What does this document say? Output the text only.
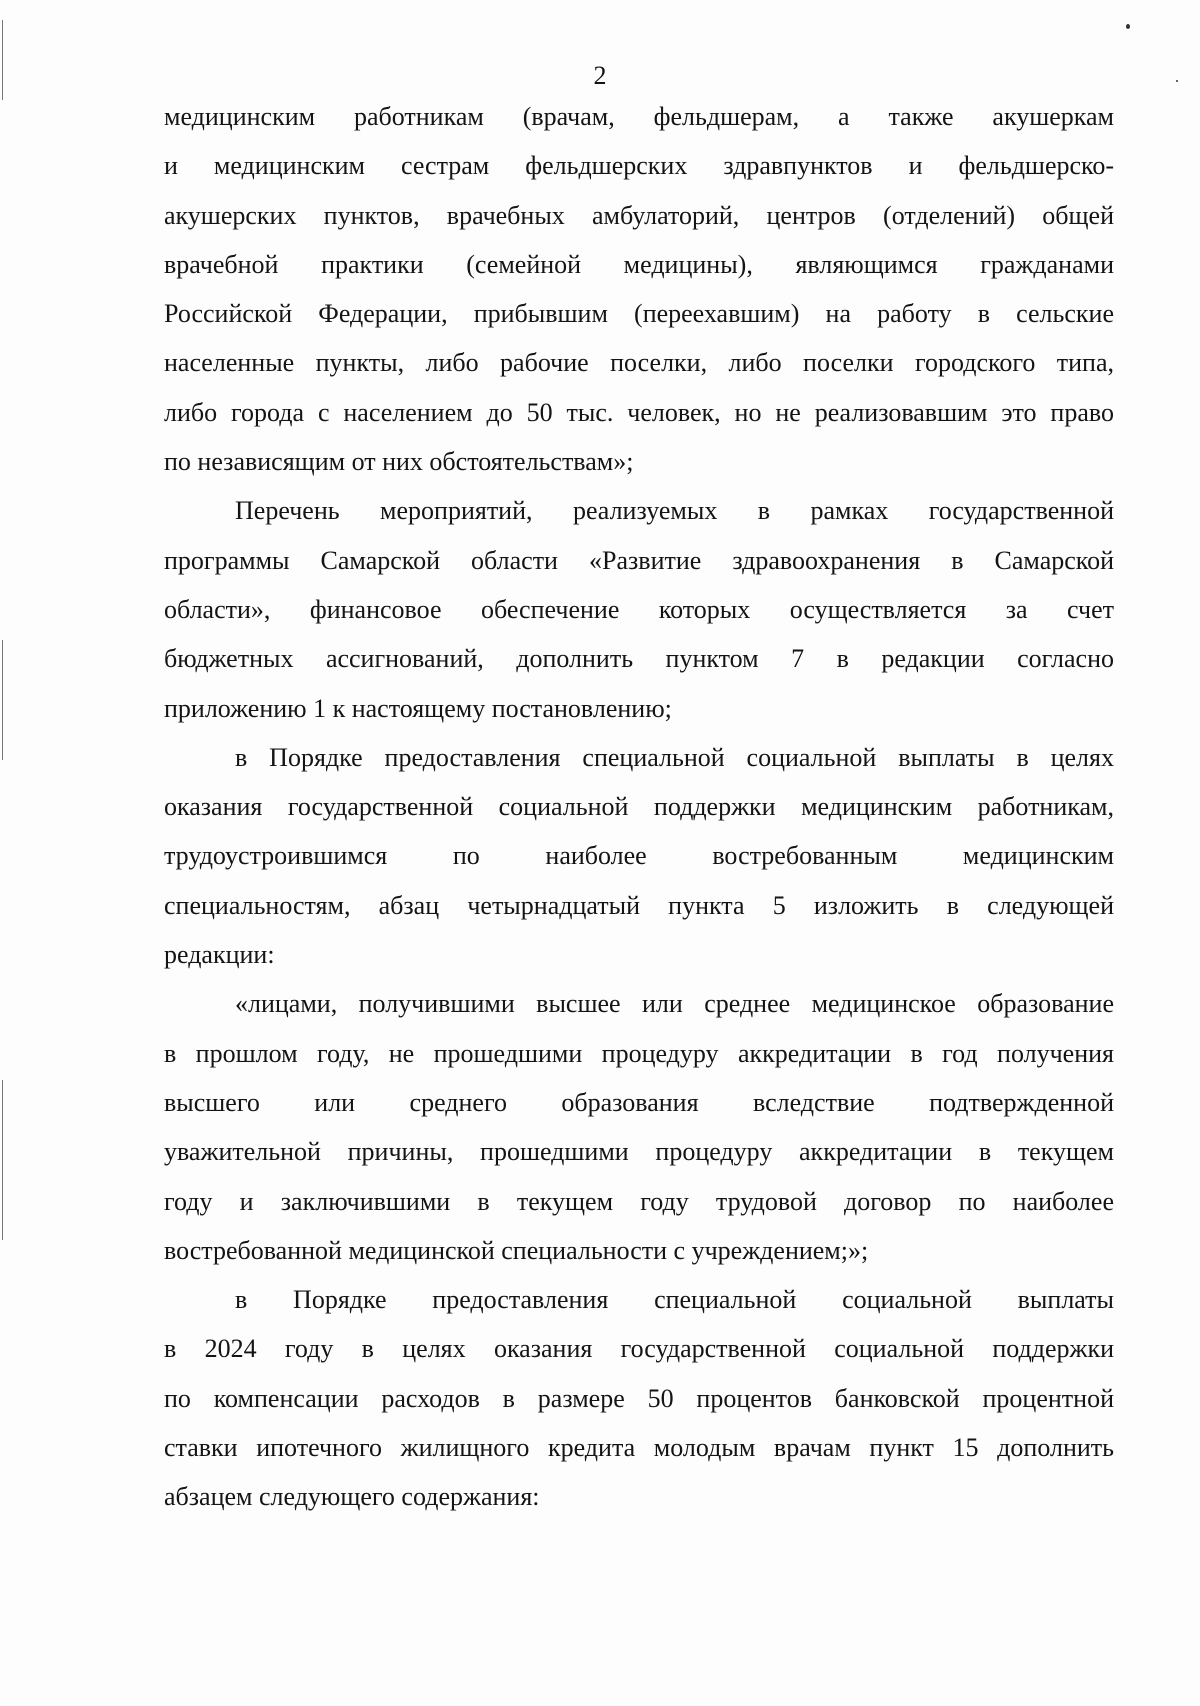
2
медицинским работникам (врачам, фельдшерам, а также акушеркам
и медицинским сестрам фельдшерских здравпунктов и фельдшерско-
акушерских пунктов, врачебных амбулаторий, центров (отделений) общей
врачебной практики (семейной медицины), являющимся гражданами
Российской Федерации, прибывшим (переехавшим) на работу в сельские
населенные пункты, либо рабочие поселки, либо поселки городского типа,
либо города с населением до 50 тыс. человек, но не реализовавшим это право
по независящим от них обстоятельствам»;
Перечень мероприятий, реализуемых в рамках государственной
программы Самарской области «Развитие здравоохранения в Самарской
области», финансовое обеспечение которых осуществляется за счет
бюджетных ассигнований, дополнить пунктом 7 в редакции согласно
приложению 1 к настоящему постановлению;
в Порядке предоставления специальной социальной выплаты в целях
оказания государственной социальной поддержки медицинским работникам,
трудоустроившимся по наиболее востребованным медицинским
специальностям, абзац четырнадцатый пункта 5 изложить в следующей
редакции:
«лицами, получившими высшее или среднее медицинское образование
в прошлом году, не прошедшими процедуру аккредитации в год получения
высшего или среднего образования вследствие подтвержденной
уважительной причины, прошедшими процедуру аккредитации в текущем
году и заключившими в текущем году трудовой договор по наиболее
востребованной медицинской специальности с учреждением;»;
в Порядке предоставления специальной социальной выплаты
в 2024 году в целях оказания государственной социальной поддержки
по компенсации расходов в размере 50 процентов банковской процентной
ставки ипотечного жилищного кредита молодым врачам пункт 15 дополнить
абзацем следующего содержания:
